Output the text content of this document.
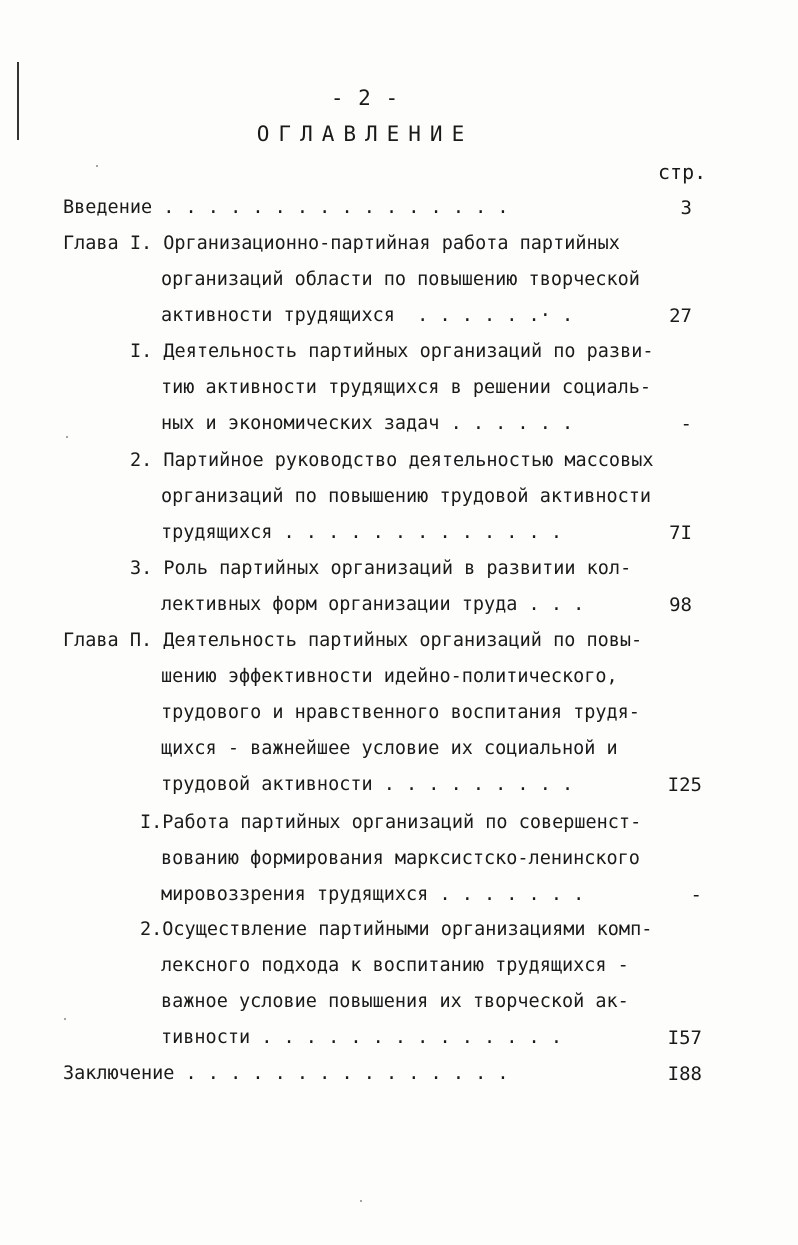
- 2 -
ОГЛАВЛЕНИЕ
стр.
Введение . . . . . . . . . . . . . . . .	3
Глава I. Организационно-партийная работа партийных
организаций области по повышению творческой
активности трудящихся  . . . . . .· .	27
I. Деятельность партийных организаций по разви-
тию активности трудящихся в решении социаль-
ных и экономических задач . . . . . .	-
2. Партийное руководство деятельностью массовых
организаций по повышению трудовой активности
трудящихся . . . . . . . . . . . . .	7I
3. Роль партийных организаций в развитии кол-
лективных форм организации труда . . .	98
Глава П. Деятельность партийных организаций по повы-
шению эффективности идейно-политического,
трудового и нравственного воспитания трудя-
щихся - важнейшее условие их социальной и
трудовой активности . . . . . . . . .	I25
I.Работа партийных организаций по совершенст-
вованию формирования марксистско-ленинского
мировоззрения трудящихся . . . . . . .	-
2.Осуществление партийными организациями комп-
лексного подхода к воспитанию трудящихся -
важное условие повышения их творческой ак-
тивности . . . . . . . . . . . . . .	I57
Заключение . . . . . . . . . . . . . . .	I88
